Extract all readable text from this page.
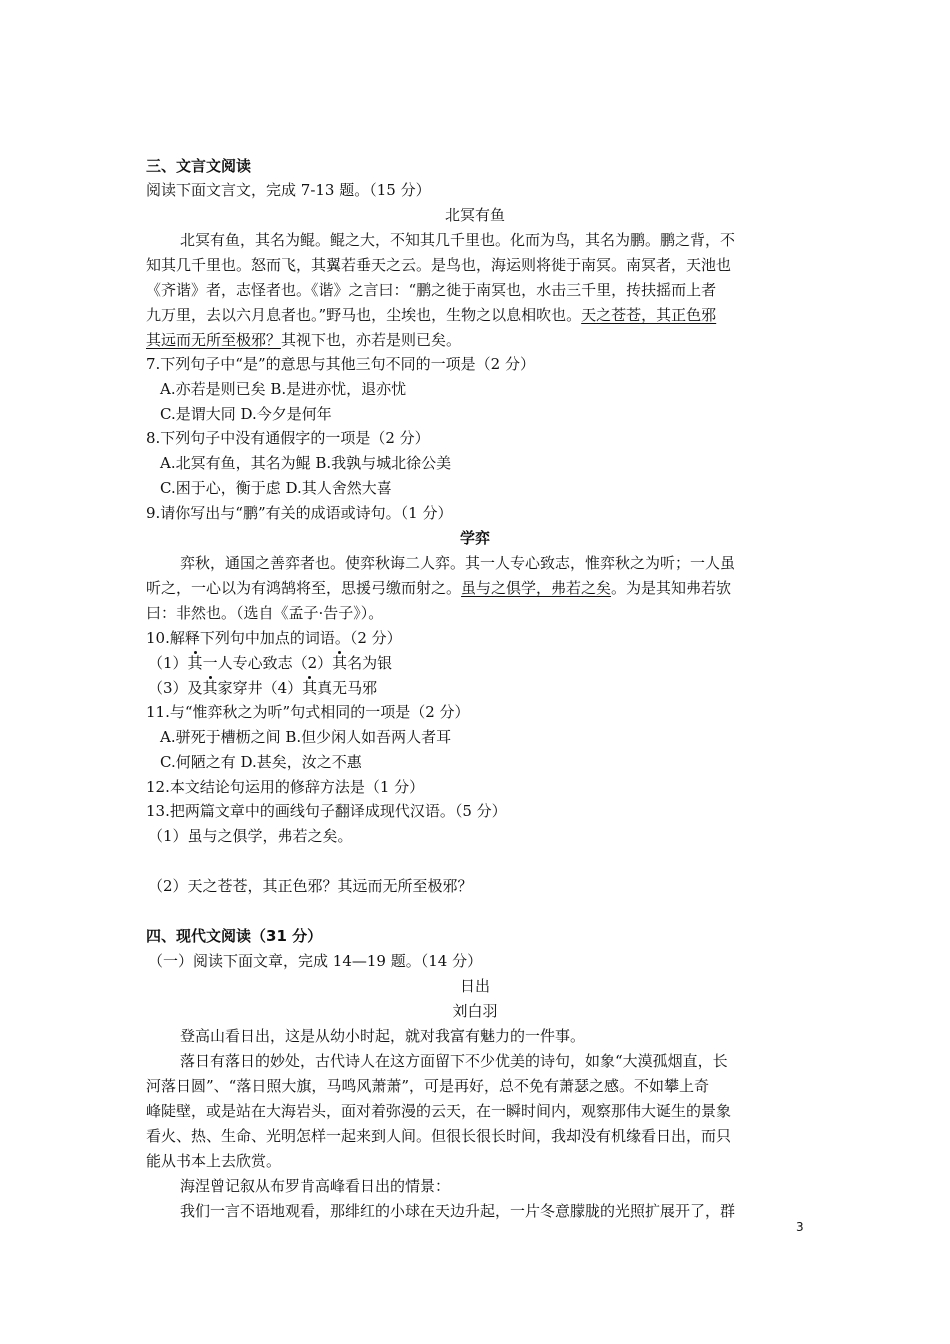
三、文言文阅读
阅读下面文言文，完成 7-13 题。（15 分）
北冥有鱼
北冥有鱼，其名为鲲。鲲之大，不知其几千里也。化而为鸟，其名为鹏。鹏之背，不
知其几千里也。怒而飞，其翼若垂天之云。是鸟也，海运则将徙于南冥。南冥者，天池也
《齐谐》者，志怪者也。《谐》之言曰：“鹏之徙于南冥也，水击三千里，抟扶摇而上者
九万里，去以六月息者也。”野马也，尘埃也，生物之以息相吹也。天之苍苍，其正色邪
其远而无所至极邪？其视下也，亦若是则已矣。
7.下列句子中“是”的意思与其他三句不同的一项是（2 分）
A.亦若是则已矣 B.是进亦忧，退亦忧
C.是谓大同 D.今夕是何年
8.下列句子中没有通假字的一项是（2 分）
A.北冥有鱼，其名为鲲 B.我孰与城北徐公美
C.困于心，衡于虑 D.其人舍然大喜
9.请你写出与“鹏”有关的成语或诗句。（1 分）
学弈
弈秋，通国之善弈者也。使弈秋诲二人弈。其一人专心致志，惟弈秋之为听；一人虽
听之，一心以为有鸿鹄将至，思援弓缴而射之。虽与之俱学，弗若之矣。为是其知弗若欤
曰：非然也。（选自《孟子·告子》）。
10.解释下列句中加点的词语。（2 分）
（1）其一人专心致志（2）其名为银
（3）及其家穿井（4）其真无马邪
11.与“惟弈秋之为听”句式相同的一项是（2 分）
A.骈死于槽枥之间 B.但少闲人如吾两人者耳
C.何陋之有 D.甚矣，汝之不惠
12.本文结论句运用的修辞方法是（1 分）
13.把两篇文章中的画线句子翻译成现代汉语。（5 分）
（1）虽与之俱学，弗若之矣。
（2）天之苍苍，其正色邪？其远而无所至极邪？
四、现代文阅读（31 分）
（一）阅读下面文章，完成 14—19 题。（14 分）
日出
刘白羽
登高山看日出，这是从幼小时起，就对我富有魅力的一件事。
落日有落日的妙处，古代诗人在这方面留下不少优美的诗句，如象“大漠孤烟直，长
河落日圆”、“落日照大旗，马鸣风萧萧”，可是再好，总不免有萧瑟之感。不如攀上奇
峰陡壁，或是站在大海岩头，面对着弥漫的云天，在一瞬时间内，观察那伟大诞生的景象
看火、热、生命、光明怎样一起来到人间。但很长很长时间，我却没有机缘看日出，而只
能从书本上去欣赏。
海涅曾记叙从布罗肯高峰看日出的情景：
我们一言不语地观看，那绯红的小球在天边升起，一片冬意朦胧的光照扩展开了，群
3
